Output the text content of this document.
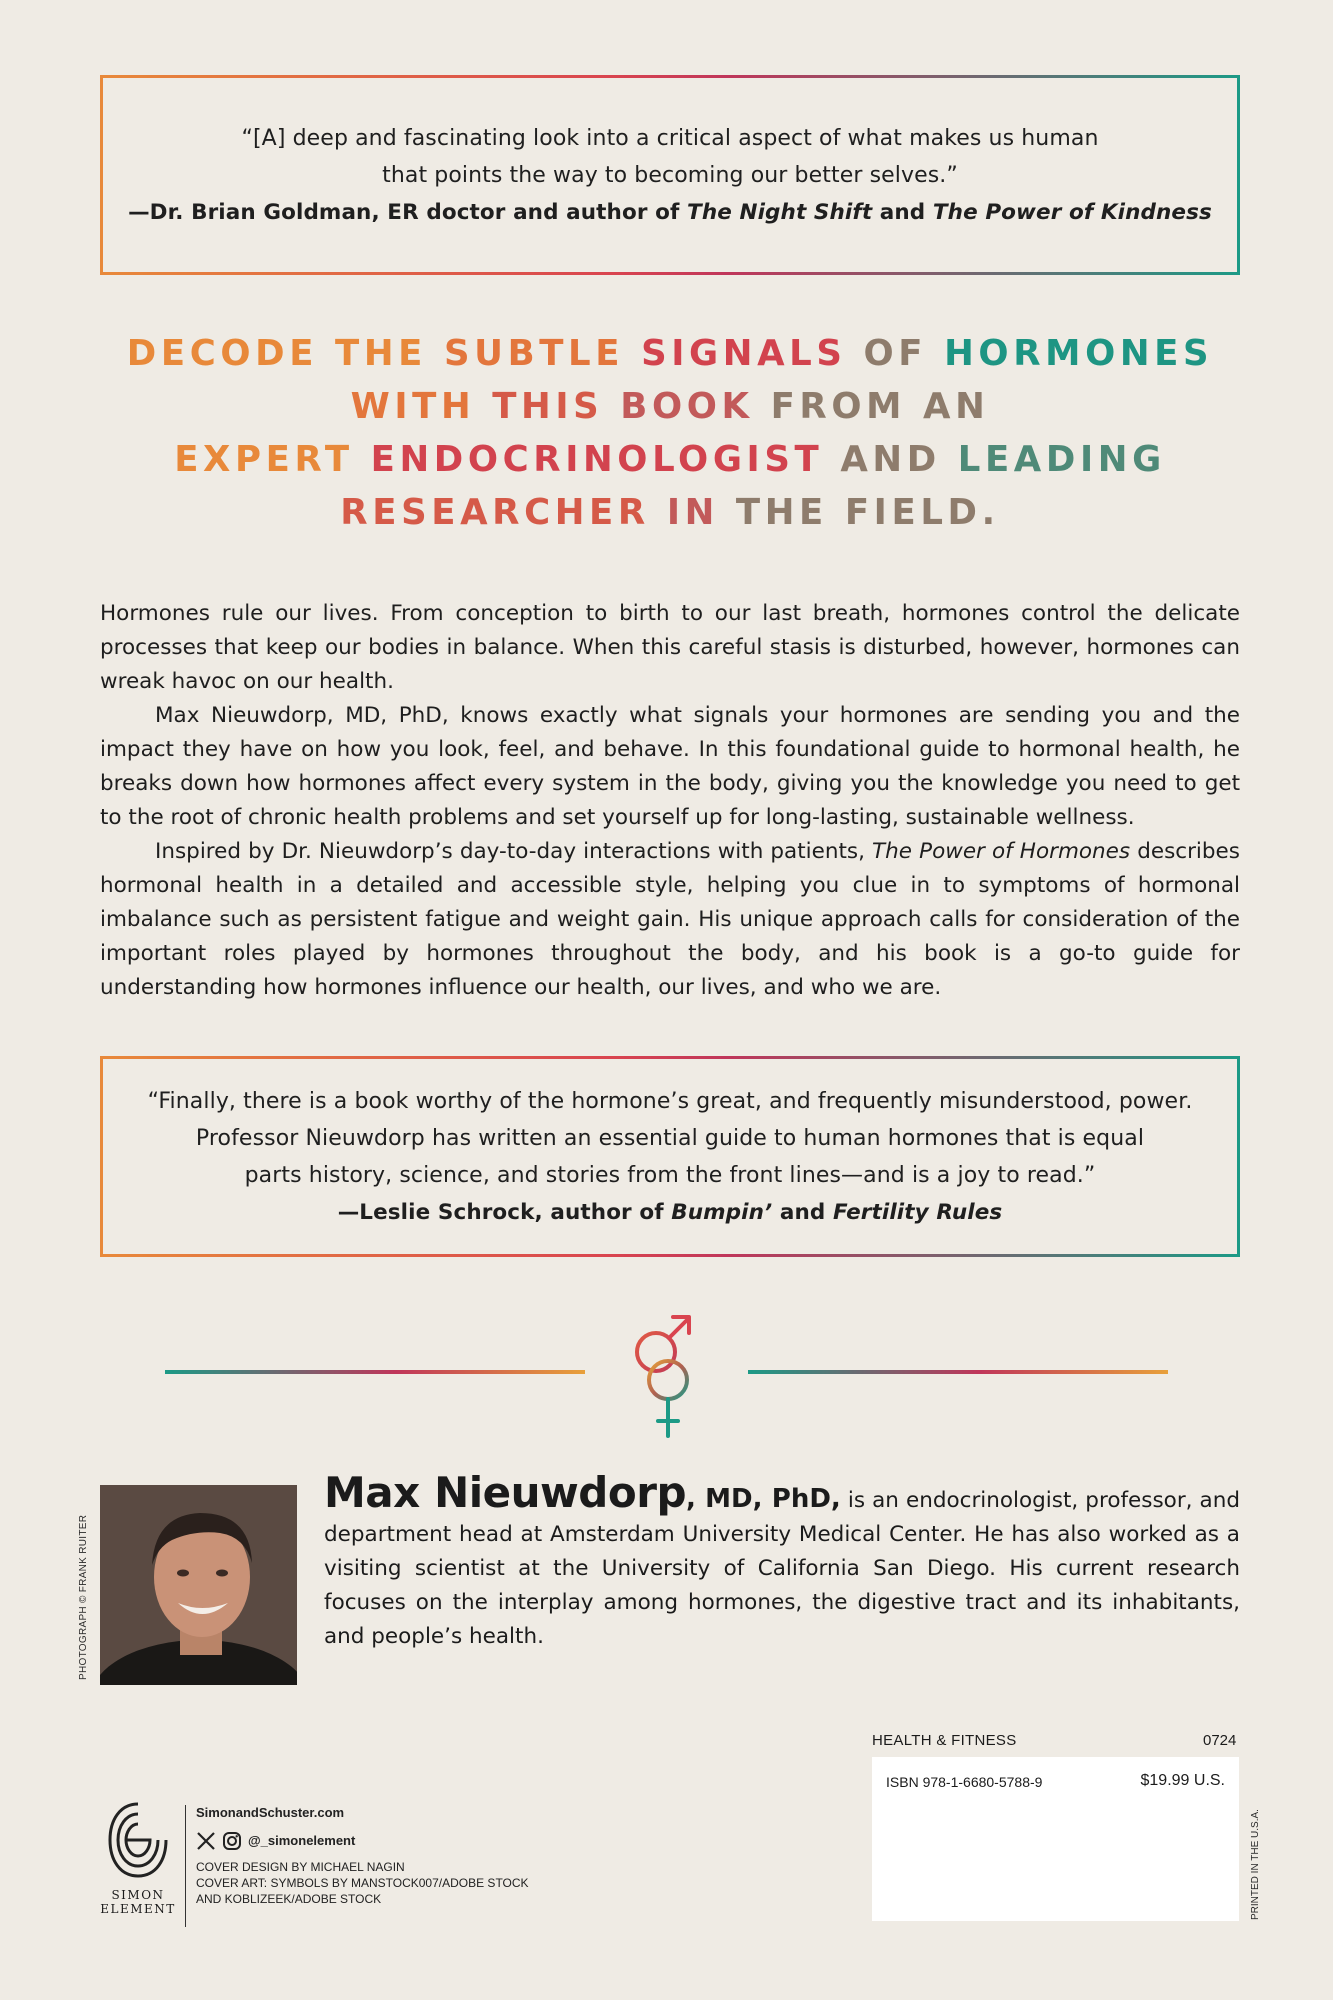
“[A] deep and fascinating look into a critical aspect of what makes us human

that points the way to becoming our better selves.”

—Dr. Brian Goldman, ER doctor and author of The Night Shift and The Power of Kindness

DECODE THE SUBTLE SIGNALS OF HORMONES
WITH THIS BOOK FROM AN
EXPERT ENDOCRINOLOGIST AND LEADING
RESEARCHER IN THE FIELD.

Hormones rule our lives. From conception to birth to our last breath, hormones control the delicate processes that keep our bodies in balance. When this careful stasis is disturbed, however, hormones can wreak havoc on our health.

Max Nieuwdorp, MD, PhD, knows exactly what signals your hormones are sending you and the impact they have on how you look, feel, and behave. In this foundational guide to hormonal health, he breaks down how hormones affect every system in the body, giving you the knowledge you need to get to the root of chronic health problems and set yourself up for long-lasting, sustainable wellness.

Inspired by Dr. Nieuwdorp’s day-to-day interactions with patients, The Power of Hormones describes hormonal health in a detailed and accessible style, helping you clue in to symptoms of hormonal imbalance such as persistent fatigue and weight gain. His unique approach calls for consideration of the important roles played by hormones throughout the body, and his book is a go-to guide for understanding how hormones influence our health, our lives, and who we are.

“Finally, there is a book worthy of the hormone’s great, and frequently misunderstood, power.

Professor Nieuwdorp has written an essential guide to human hormones that is equal

parts history, science, and stories from the front lines—and is a joy to read.”

—Leslie Schrock, author of Bumpin’ and Fertility Rules

PHOTOGRAPH © FRANK RUITER
Max Nieuwdorp, MD, PhD, is an endocrinologist, professor, and department head at Amsterdam University Medical Center. He has also worked as a visiting scientist at the University of California San Diego. His current research focuses on the interplay among hormones, the digestive tract and its inhabitants, and people’s health.
SIMON
ELEMENT
SimonandSchuster.com
@_simonelement
COVER DESIGN BY MICHAEL NAGIN
COVER ART: SYMBOLS BY MANSTOCK007/ADOBE STOCK
AND KOBLIZEEK/ADOBE STOCK
HEALTH & FITNESS	0724
ISBN 978-1-6680-5788-9	$19.99 U.S.
PRINTED IN THE U.S.A.
